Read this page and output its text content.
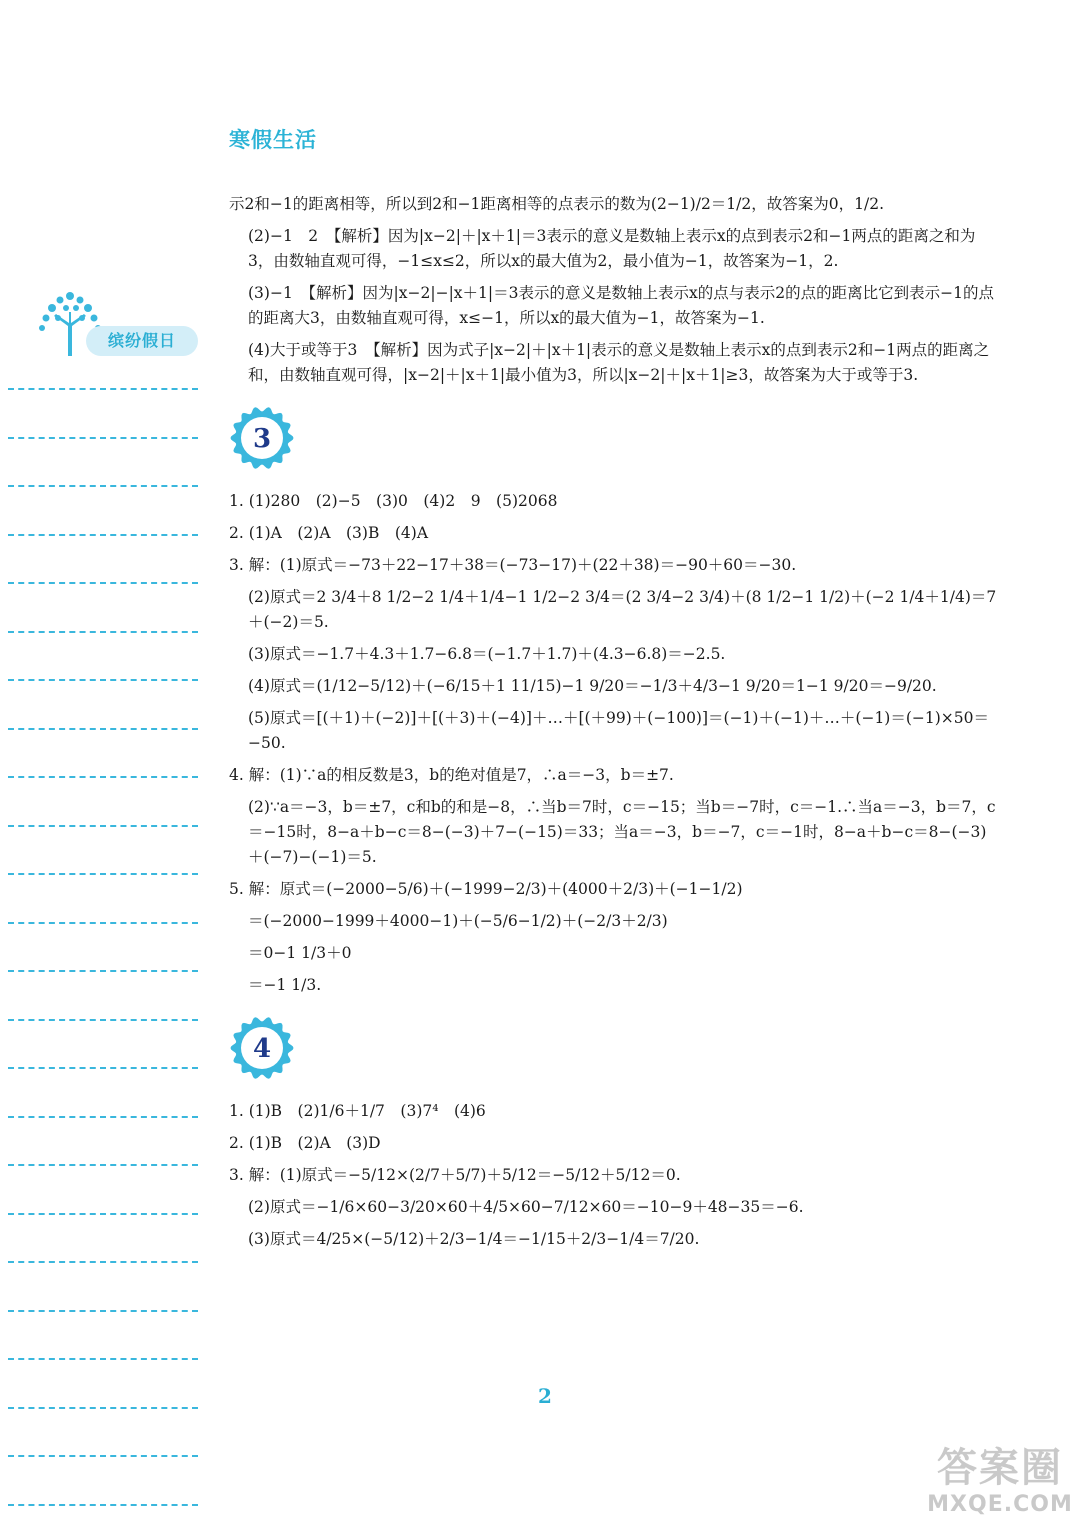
寒假生活
缤纷假日

示2和−1的距离相等，所以到2和−1距离相等的点表示的数为(2−1)/2＝1/2，故答案为0，1/2.

(2)−1　2　【解析】因为|x−2|＋|x＋1|＝3表示的意义是数轴上表示x的点到表示2和−1两点的距离之和为3，由数轴直观可得，−1≤x≤2，所以x的最大值为2，最小值为−1，故答案为−1，2.

(3)−1　【解析】因为|x−2|−|x＋1|＝3表示的意义是数轴上表示x的点与表示2的点的距离比它到表示−1的点的距离大3，由数轴直观可得，x≤−1，所以x的最大值为−1，故答案为−1.

(4)大于或等于3　【解析】因为式子|x−2|＋|x＋1|表示的意义是数轴上表示x的点到表示2和−1两点的距离之和，由数轴直观可得，|x−2|＋|x＋1|最小值为3，所以|x−2|＋|x＋1|≥3，故答案为大于或等于3.

3

1. (1)280　(2)−5　(3)0　(4)2　9　(5)2068

2. (1)A　(2)A　(3)B　(4)A

3. 解：(1)原式＝−73＋22−17＋38＝(−73−17)＋(22＋38)＝−90＋60＝−30.

(2)原式＝2 3/4＋8 1/2−2 1/4＋1/4−1 1/2−2 3/4＝(2 3/4−2 3/4)＋(8 1/2−1 1/2)＋(−2 1/4＋1/4)＝7＋(−2)＝5.

(3)原式＝−1.7＋4.3＋1.7−6.8＝(−1.7＋1.7)＋(4.3−6.8)＝−2.5.

(4)原式＝(1/12−5/12)＋(−6/15＋1 11/15)−1 9/20＝−1/3＋4/3−1 9/20＝1−1 9/20＝−9/20.

(5)原式＝[(＋1)＋(−2)]＋[(＋3)＋(−4)]＋…＋[(＋99)＋(−100)]＝(−1)＋(−1)＋…＋(−1)＝(−1)×50＝−50.

4. 解：(1)∵a的相反数是3，b的绝对值是7，∴a＝−3，b＝±7.

(2)∵a＝−3，b＝±7，c和b的和是−8，∴当b＝7时，c＝−15；当b＝−7时，c＝−1.∴当a＝−3，b＝7，c＝−15时，8−a＋b−c＝8−(−3)＋7−(−15)＝33；当a＝−3，b＝−7，c＝−1时，8−a＋b−c＝8−(−3)＋(−7)−(−1)＝5.

5. 解：原式＝(−2000−5/6)＋(−1999−2/3)＋(4000＋2/3)＋(−1−1/2)

＝(−2000−1999＋4000−1)＋(−5/6−1/2)＋(−2/3＋2/3)

＝0−1 1/3＋0

＝−1 1/3.

4

1. (1)B　(2)1/6＋1/7　(3)7⁴　(4)6

2. (1)B　(2)A　(3)D

3. 解：(1)原式＝−5/12×(2/7＋5/7)＋5/12＝−5/12＋5/12＝0.

(2)原式＝−1/6×60−3/20×60＋4/5×60−7/12×60＝−10−9＋48−35＝−6.

(3)原式＝4/25×(−5/12)＋2/3−1/4＝−1/15＋2/3−1/4＝7/20.

2
答案圈
MXQE.COM
